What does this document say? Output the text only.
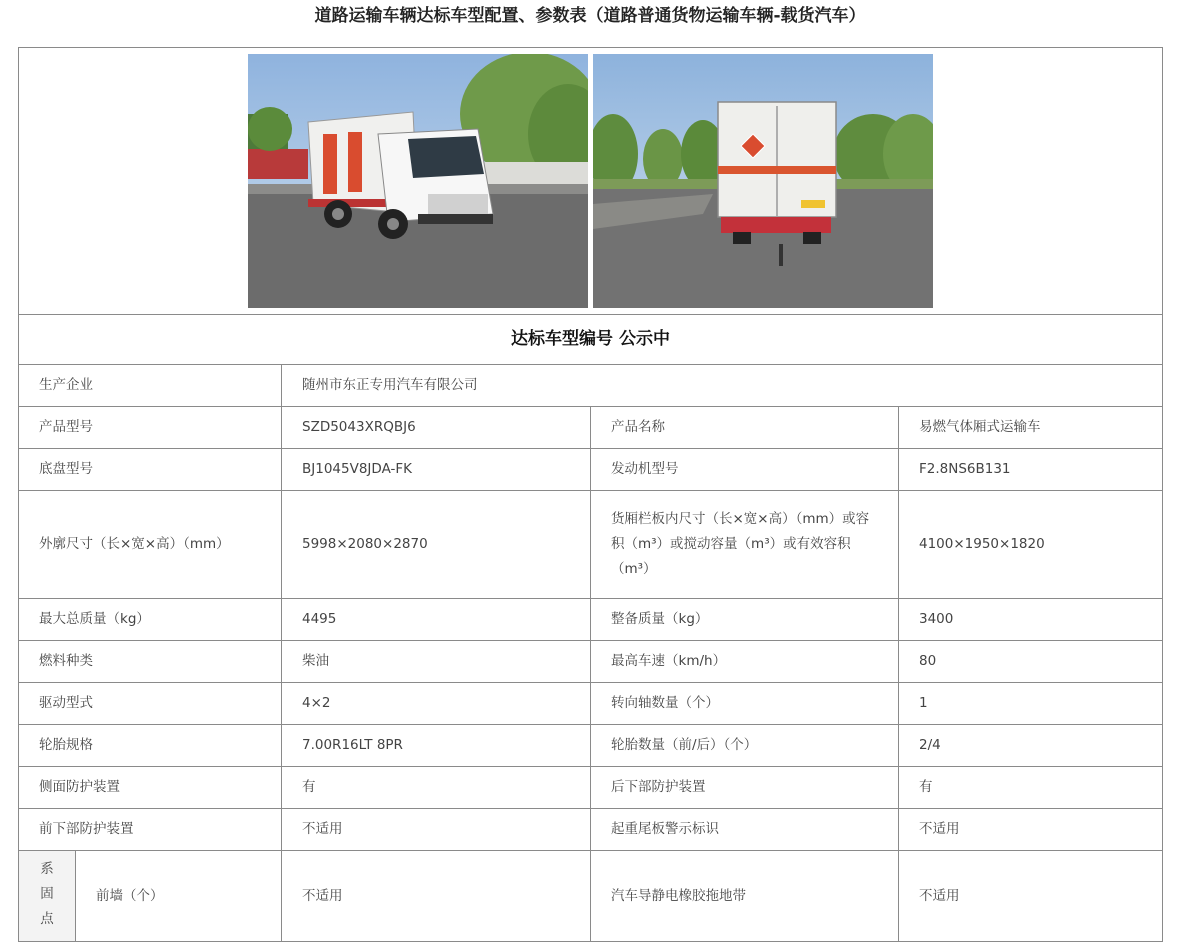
道路运输车辆达标车型配置、参数表（道路普通货物运输车辆-载货汽车）

达标车型编号 公示中			
生产企业	随州市东正专用汽车有限公司		
产品型号	SZD5043XRQBJ6	产品名称	易燃气体厢式运输车
底盘型号	BJ1045V8JDA-FK	发动机型号	F2.8NS6B131
外廓尺寸（长×宽×高）（mm）	5998×2080×2870	货厢栏板内尺寸（长×宽×高）（mm）或容积（m³）或搅动容量（m³）或有效容积（m³）	4100×1950×1820
最大总质量（kg）	4495	整备质量（kg）	3400
燃料种类	柴油	最高车速（km/h）	80
驱动型式	4×2	转向轴数量（个）	1
轮胎规格	7.00R16LT 8PR	轮胎数量（前/后）（个）	2/4
侧面防护装置	有	后下部防护装置	有
前下部防护装置	不适用	起重尾板警示标识	不适用

系
固
点
前墙（个）	不适用	汽车导静电橡胶拖地带	不适用
